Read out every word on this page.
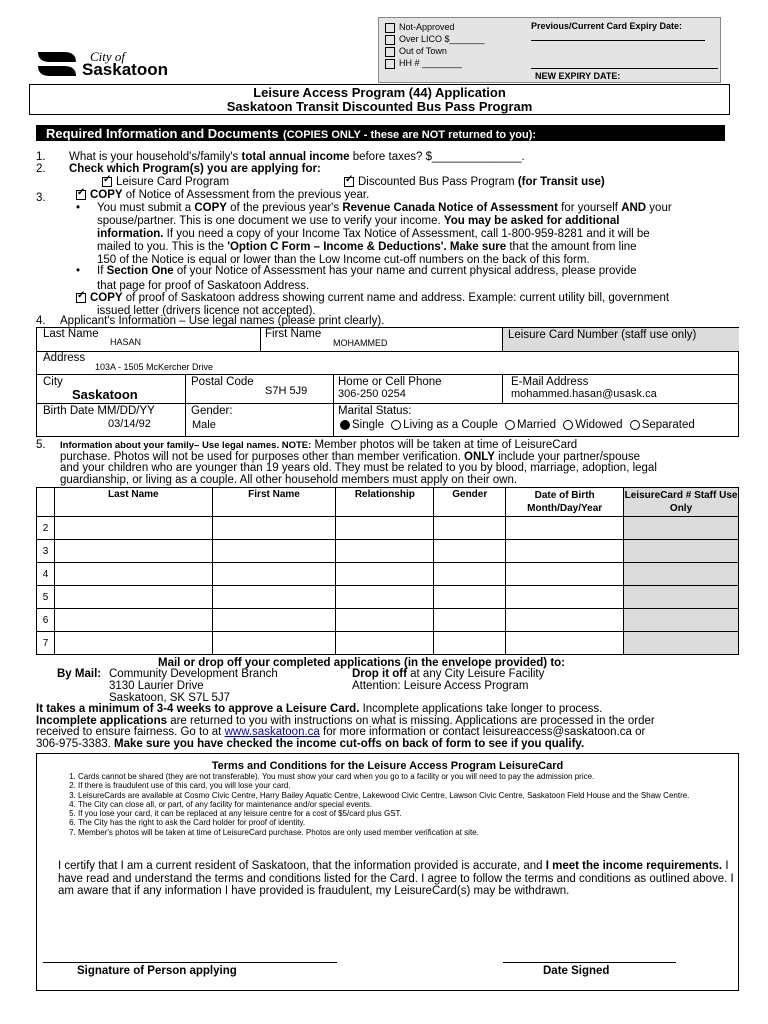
City of
Saskatoon
Not-Approved
Over LICO $_______
Out of Town
HH # ________
Previous/Current Card Expiry Date:
NEW EXPIRY DATE:
Leisure Access Program (44) Application
Saskatoon Transit Discounted Bus Pass Program
Required Information and Documents (COPIES ONLY - these are NOT returned to you):
1. What is your household's/family's total annual income before taxes? $______________.
2. Check which Program(s) you are applying for:
✓Leisure Card Program ✓	Discounted Bus Pass Program (for Transit use)
3. ✓	COPY of Notice of Assessment from the previous year.
• You must submit a COPY of the previous year's Revenue Canada Notice of Assessment for yourself AND your
spouse/partner. This is one document we use to verify your income. You may be asked for additional
information. If you need a copy of your Income Tax Notice of Assessment, call 1-800-959-8281 and it will be
mailed to you. This is the 'Option C Form – Income & Deductions'. Make sure that the amount from line
150 of the Notice is equal or lower than the Low Income cut-off numbers on the back of this form.
• If Section One of your Notice of Assessment has your name and current physical address, please provide
that page for proof of Saskatoon Address.
✓COPY of proof of Saskatoon address showing current name and address. Example: current utility bill, government
issued letter (drivers licence not accepted).
4. Applicant's Information – Use legal names (please print clearly).
Last Name
HASAN
First Name
MOHAMMED
Leisure Card Number (staff use only)
Address
103A - 1505 McKercher Drive
City
Saskatoon
Postal Code
S7H 5J9
Home or Cell Phone
306-250 0254
E-Mail Address
mohammed.hasan@usask.ca
Birth Date MM/DD/YY
03/14/92
Gender:
Male
Marital Status:
Single Living as a Couple Married Widowed Separated
5. Information about your family– Use legal names. NOTE: Member photos will be taken at time of LeisureCard
purchase. Photos will not be used for purposes other than member verification. ONLY include your partner/spouse
and your children who are younger than 19 years old. They must be related to you by blood, marriage, adoption, legal
guardianship, or living as a couple. All other household members must apply on their own.
	Last Name	First Name	Relationship	Gender	Date of Birth Month/Day/Year	LeisureCard # Staff Use Only
2						
3						
4						
5						
6						
7						
Mail or drop off your completed applications (in the envelope provided) to:
By Mail: Community Development Branch
3130 Laurier Drive
Saskatoon, SK S7L 5J7
Drop it off at any City Leisure Facility
Attention: Leisure Access Program
It takes a minimum of 3-4 weeks to approve a Leisure Card. Incomplete applications take longer to process.
Incomplete applications are returned to you with instructions on what is missing. Applications are processed in the order
received to ensure fairness. Go to at www.saskatoon.ca for more information or contact leisureaccess@saskatoon.ca or
306-975-3383. Make sure you have checked the income cut-offs on back of form to see if you qualify.
Terms and Conditions for the Leisure Access Program LeisureCard
1. Cards cannot be shared (they are not transferable). You must show your card when you go to a facility or you will need to pay the admission price.
2. If there is fraudulent use of this card, you will lose your card.
3. LeisureCards are available at Cosmo Civic Centre, Harry Bailey Aquatic Centre, Lakewood Civic Centre, Lawson Civic Centre, Saskatoon Field House and the Shaw Centre.
4. The City can close all, or part, of any facility for maintenance and/or special events.
5. If you lose your card, it can be replaced at any leisure centre for a cost of $5/card plus GST.
6. The City has the right to ask the Card holder for proof of identity.
7. Member's photos will be taken at time of LeisureCard purchase. Photos are only used member verification at site.
I certify that I am a current resident of Saskatoon, that the information provided is accurate, and I meet the income requirements. I have read and understand the terms and conditions listed for the Card. I agree to follow the terms and conditions as outlined above. I am aware that if any information I have provided is fraudulent, my LeisureCard(s) may be withdrawn.
Signature of Person applying	Date Signed
